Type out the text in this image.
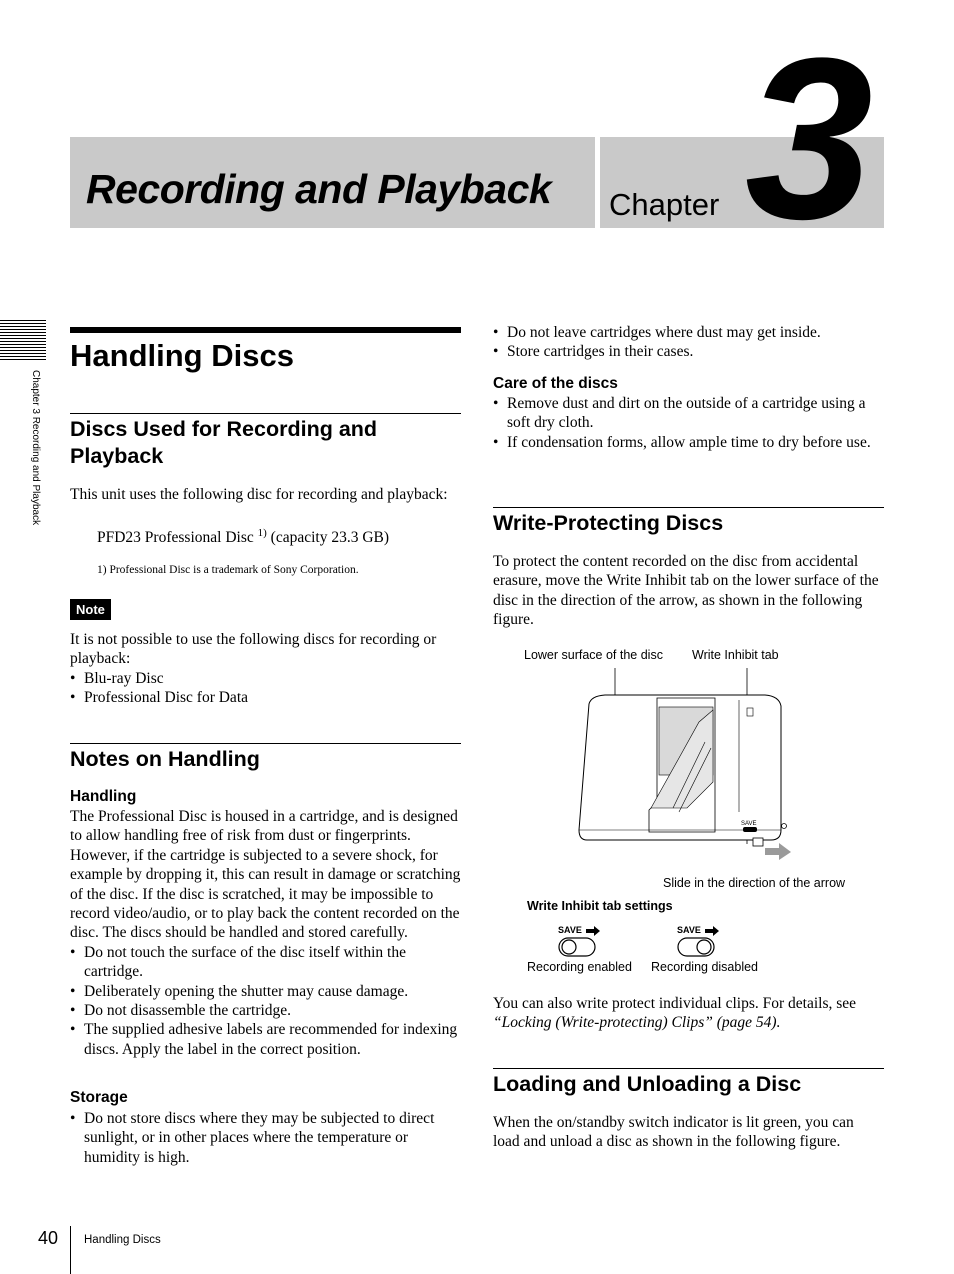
Recording and Playback Chapter 3
Chapter 3 Recording and Playback
Handling Discs
Discs Used for Recording and
Playback
This unit uses the following disc for recording and playback:
PFD23 Professional Disc $^{1)}$ (capacity 23.3 GB)
1) Professional Disc is a trademark of Sony Corporation.
Note
It is not possible to use the following discs for recording or playback:
• Blu-ray Disc
• Professional Disc for Data
Notes on Handling
Handling
The Professional Disc is housed in a cartridge, and is designed to allow handling free of risk from dust or fingerprints. However, if the cartridge is subjected to a severe shock, for example by dropping it, this can result in damage or scratching of the disc. If the disc is scratched, it may be impossible to record video/audio, or to play back the content recorded on the disc. The discs should be handled and stored carefully.
• Do not touch the surface of the disc itself within the cartridge.
• Deliberately opening the shutter may cause damage.
• Do not disassemble the cartridge.
• The supplied adhesive labels are recommended for indexing discs. Apply the label in the correct position.
Storage
• Do not store discs where they may be subjected to direct sunlight, or in other places where the temperature or humidity is high.
• Do not leave cartridges where dust may get inside.
• Store cartridges in their cases.
Care of the discs
• Remove dust and dirt on the outside of a cartridge using a soft dry cloth.
• If condensation forms, allow ample time to dry before use.
Write-Protecting Discs
To protect the content recorded on the disc from accidental erasure, move the Write Inhibit tab on the lower surface of the disc in the direction of the arrow, as shown in the following figure.
Lower surface of the disc Write Inhibit tab
SAVE
Slide in the direction of the arrow
Write Inhibit tab settings
SAVE	SAVE
Recording enabled Recording disabled
You can also write protect individual clips. For details, see “Locking (Write-protecting) Clips” (page 54).
Loading and Unloading a Disc
When the on/standby switch indicator is lit green, you can load and unload a disc as shown in the following figure.
40 Handling Discs
